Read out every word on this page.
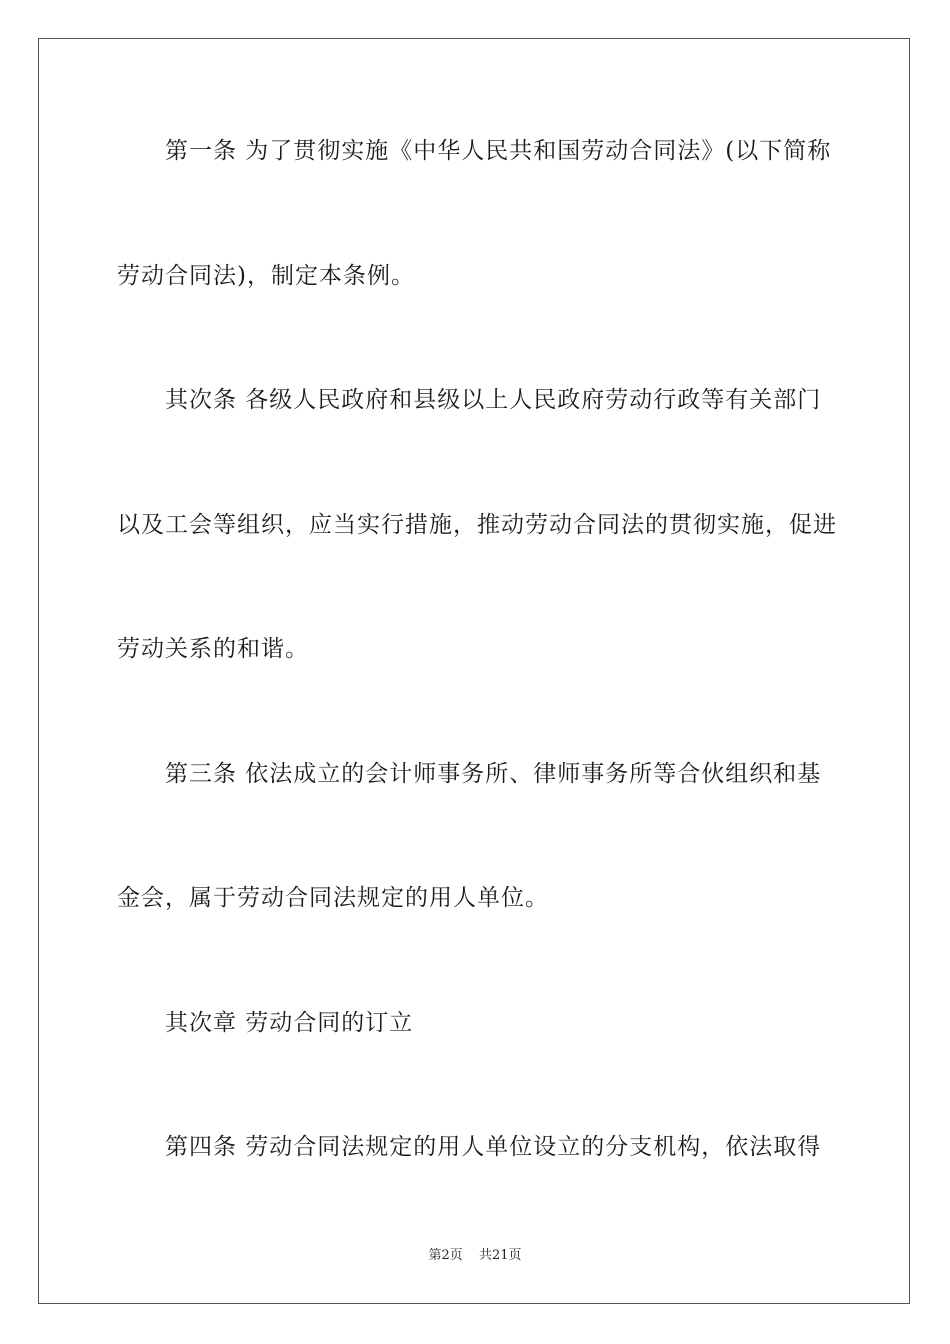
第一条 为了贯彻实施《中华人民共和国劳动合同法》(以下简称
劳动合同法)，制定本条例。
其次条 各级人民政府和县级以上人民政府劳动行政等有关部门
以及工会等组织，应当实行措施，推动劳动合同法的贯彻实施，促进
劳动关系的和谐。
第三条 依法成立的会计师事务所、律师事务所等合伙组织和基
金会，属于劳动合同法规定的用人单位。
其次章 劳动合同的订立
第四条 劳动合同法规定的用人单位设立的分支机构，依法取得
第2页 共21页
